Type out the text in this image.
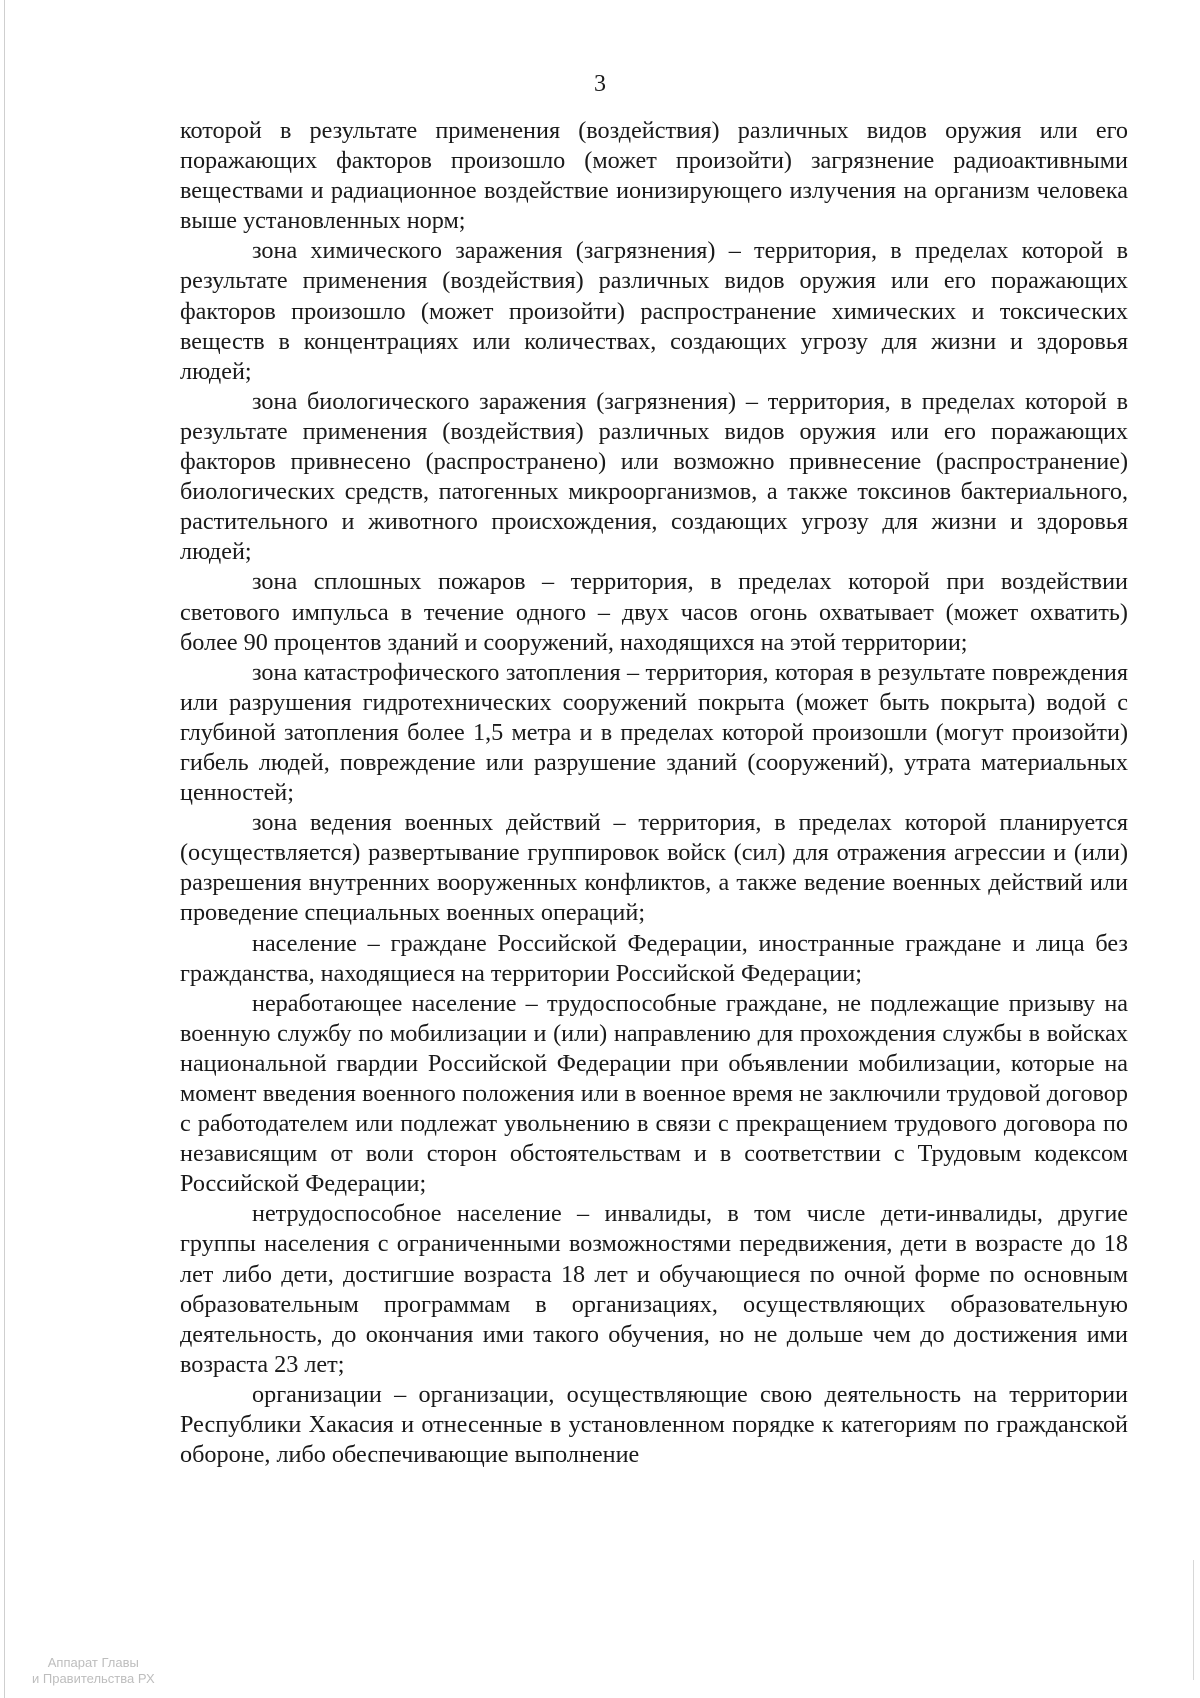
3

которой в результате применения (воздействия) различных видов оружия или его поражающих факторов произошло (может произойти) загрязнение радиоактивными веществами и радиационное воздействие ионизирующего излучения на организм человека выше установленных норм;

зона химического заражения (загрязнения) – территория, в пределах которой в результате применения (воздействия) различных видов оружия или его поражающих факторов произошло (может произойти) распространение химических и токсических веществ в концентрациях или количествах, создающих угрозу для жизни и здоровья людей;

зона биологического заражения (загрязнения) – территория, в пределах которой в результате применения (воздействия) различных видов оружия или его поражающих факторов привнесено (распространено) или возможно привнесение (распространение) биологических средств, патогенных микроорганизмов, а также токсинов бактериального, растительного и животного происхождения, создающих угрозу для жизни и здоровья людей;

зона сплошных пожаров – территория, в пределах которой при воздействии светового импульса в течение одного – двух часов огонь охватывает (может охватить) более 90 процентов зданий и сооружений, находящихся на этой территории;

зона катастрофического затопления – территория, которая в результате повреждения или разрушения гидротехнических сооружений покрыта (может быть покрыта) водой с глубиной затопления более 1,5 метра и в пределах которой произошли (могут произойти) гибель людей, повреждение или разрушение зданий (сооружений), утрата материальных ценностей;

зона ведения военных действий – территория, в пределах которой планируется (осуществляется) развертывание группировок войск (сил) для отражения агрессии и (или) разрешения внутренних вооруженных конфликтов, а также ведение военных действий или проведение специальных военных операций;

население – граждане Российской Федерации, иностранные граждане и лица без гражданства, находящиеся на территории Российской Федерации;

неработающее население – трудоспособные граждане, не подлежащие призыву на военную службу по мобилизации и (или) направлению для прохождения службы в войсках национальной гвардии Российской Федерации при объявлении мобилизации, которые на момент введения военного положения или в военное время не заключили трудовой договор с работодателем или подлежат увольнению в связи с прекращением трудового договора по независящим от воли сторон обстоятельствам и в соответствии с Трудовым кодексом Российской Федерации;

нетрудоспособное население – инвалиды, в том числе дети-инвалиды, другие группы населения с ограниченными возможностями передвижения, дети в возрасте до 18 лет либо дети, достигшие возраста 18 лет и обучающиеся по очной форме по основным образовательным программам в организациях, осуществляющих образовательную деятельность, до окончания ими такого обучения, но не дольше чем до достижения ими возраста 23 лет;

организации – организации, осуществляющие свою деятельность на территории Республики Хакасия и отнесенные в установленном порядке к категориям по гражданской обороне, либо обеспечивающие выполнение

Аппарат Главы
и Правительства РХ
